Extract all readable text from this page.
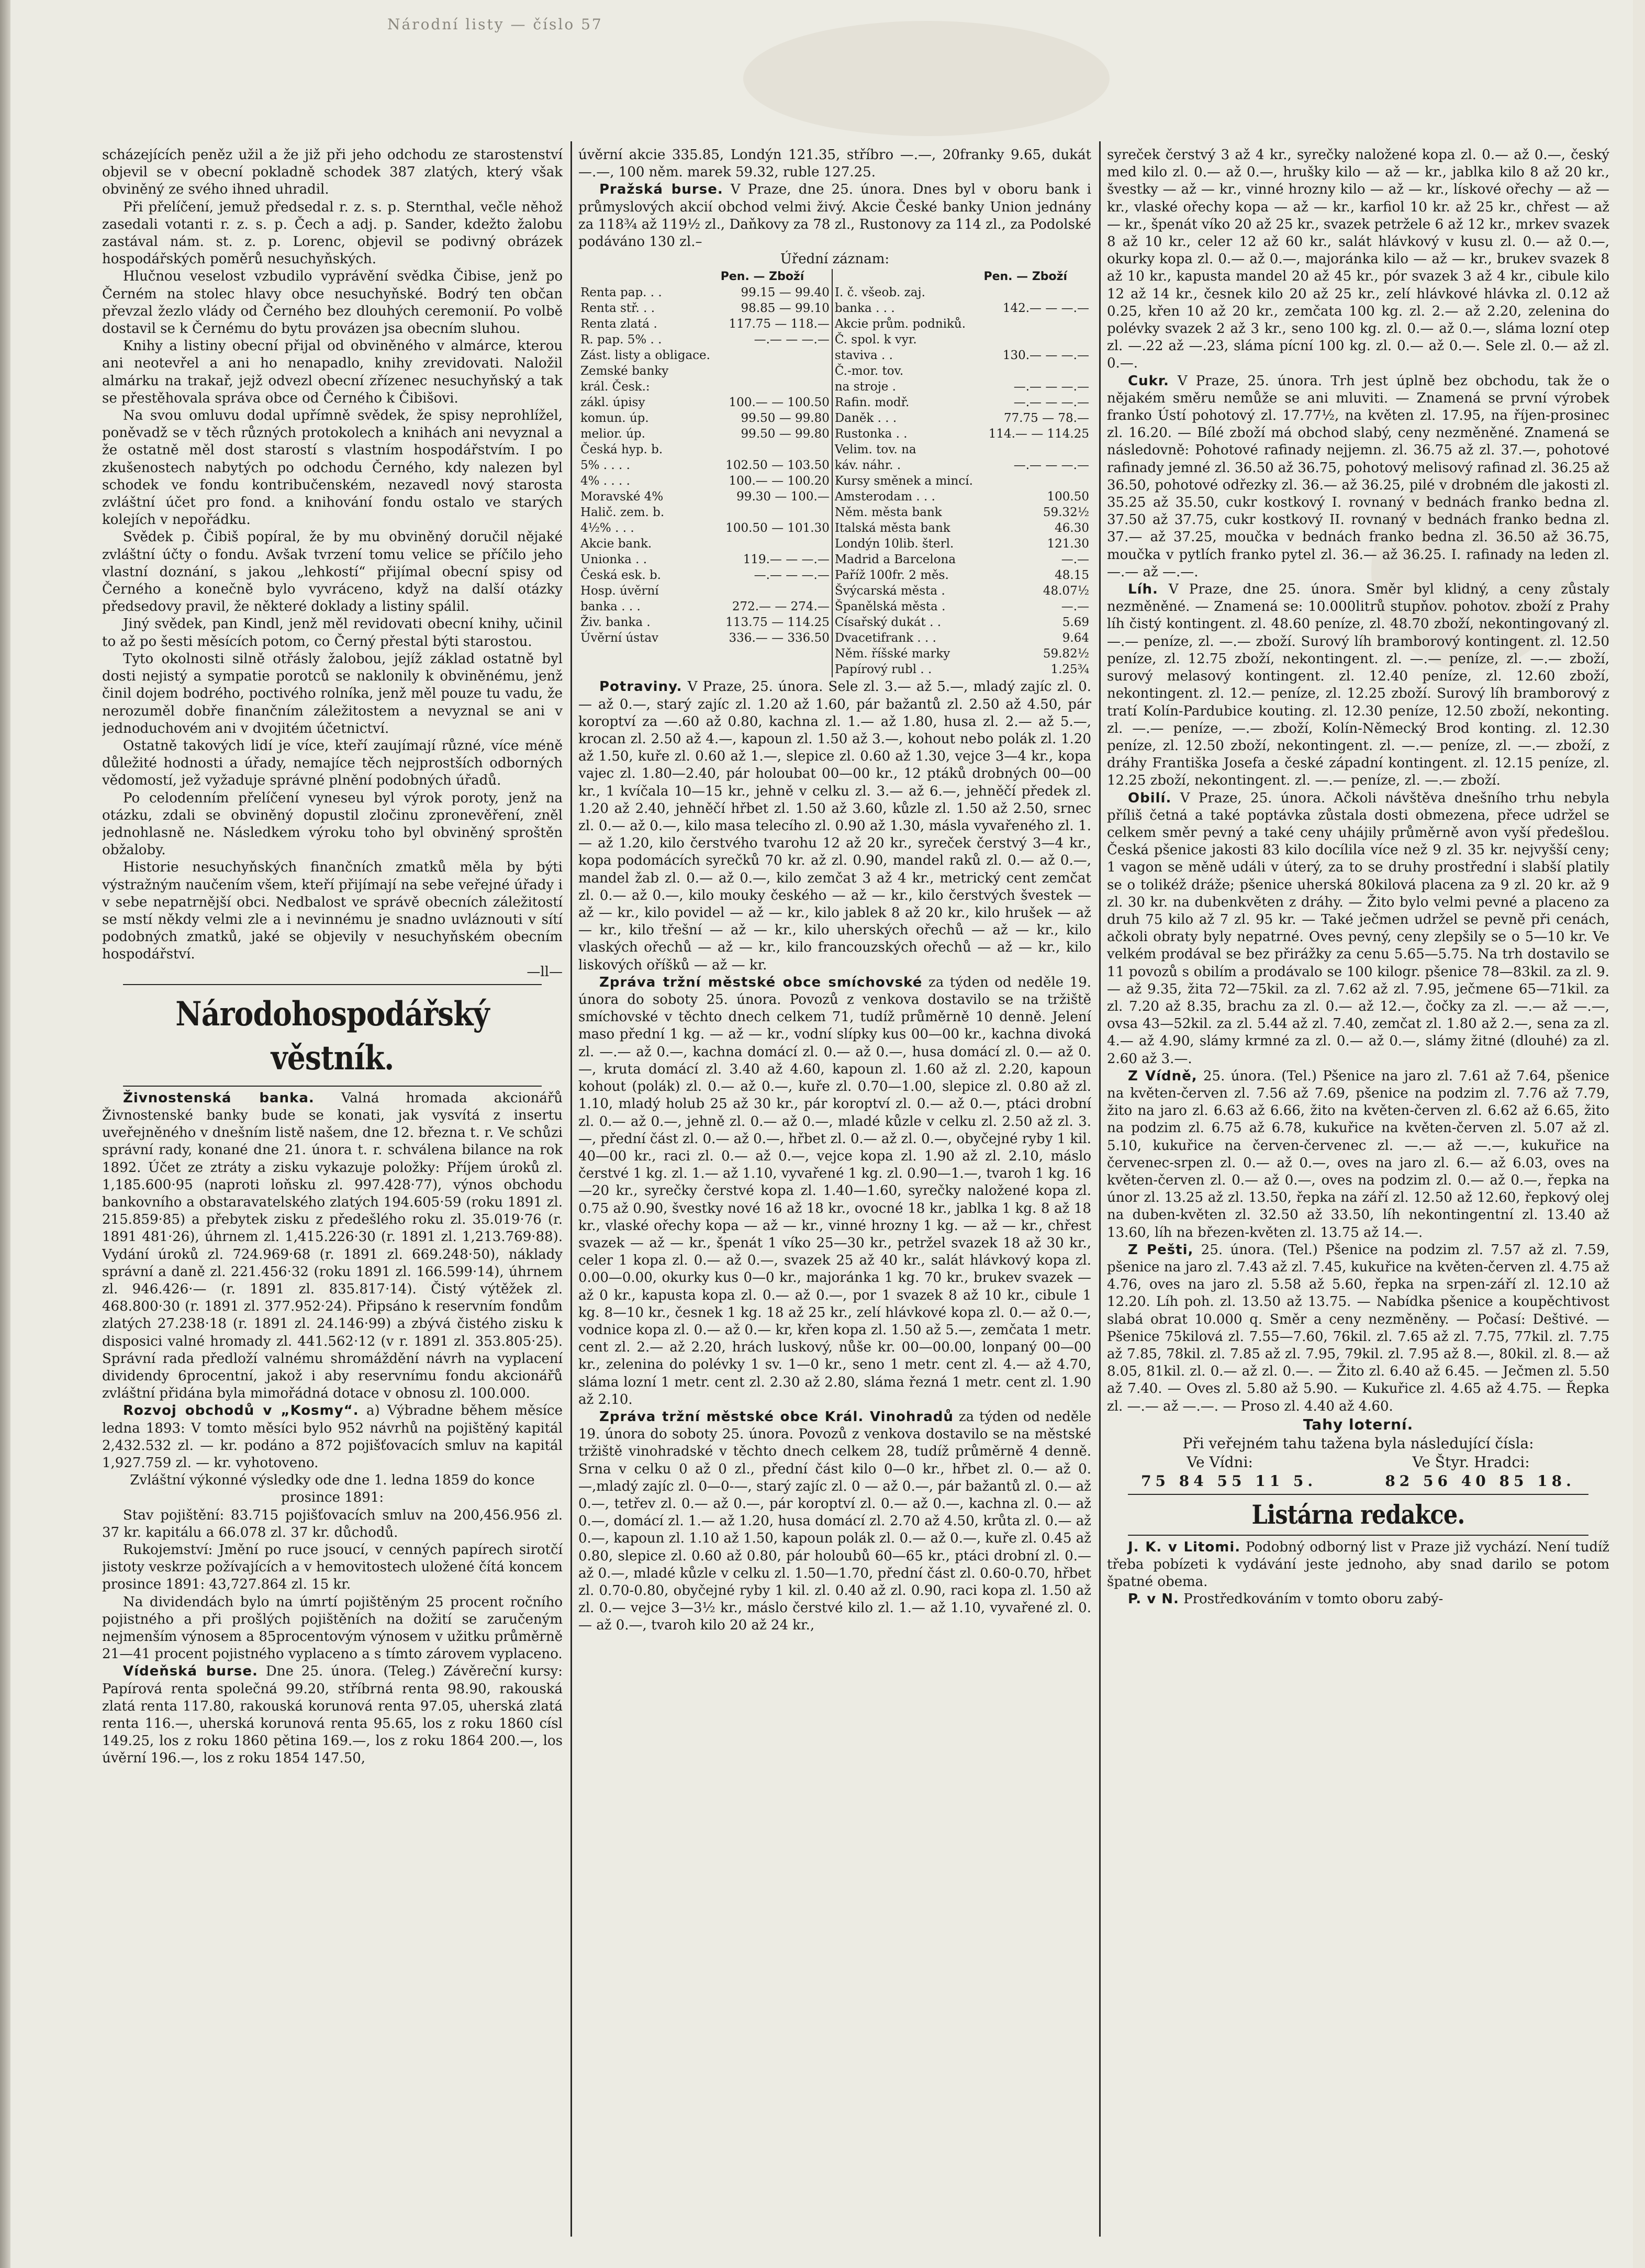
Národní listy — číslo 57

scházejících peněz užil a že již při jeho odchodu ze starostenství objevil se v obecní pokladně schodek 387 zlatých, který však obviněný ze svého ihned uhradil.

Při přelíčení, jemuž předsedal r. z. s. p. Sternthal, večle něhož zasedali votanti r. z. s. p. Čech a adj. p. Sander, kdežto žalobu zastával nám. st. z. p. Lorenc, objevil se podivný obrázek hospodářských poměrů nesuchyňských.

Hlučnou veselost vzbudilo vyprávění svědka Čibise, jenž po Černém na stolec hlavy obce nesuchyňské. Bodrý ten občan převzal žezlo vlády od Černého bez dlouhých ceremonií. Po volbě dostavil se k Černému do bytu provázen jsa obecním sluhou.

Knihy a listiny obecní přijal od obviněného v almárce, kterou ani neotevřel a ani ho nenapadlo, knihy zrevidovati. Naložil almárku na trakař, jejž odvezl obecní zřízenec nesuchyňský a tak se přestěhovala správa obce od Černého k Čibišovi.

Na svou omluvu dodal upřímně svědek, že spisy neprohlížel, poněvadž se v těch různých protokolech a knihách ani nevyznal a že ostatně měl dost starostí s vlastním hospodářstvím. I po zkušenostech nabytých po odchodu Černého, kdy nalezen byl schodek ve fondu kontribučenském, nezavedl nový starosta zvláštní účet pro fond. a knihování fondu ostalo ve starých kolejích v nepořádku.

Svědek p. Čibiš popíral, že by mu obviněný doručil nějaké zvláštní účty o fondu. Avšak tvrzení tomu velice se příčilo jeho vlastní doznání, s jakou „lehkostí“ přijímal obecní spisy od Černého a konečně bylo vyvráceno, když na další otázky předsedovy pravil, že některé doklady a listiny spálil.

Jiný svědek, pan Kindl, jenž měl revidovati obecní knihy, učinil to až po šesti měsících potom, co Černý přestal býti starostou.

Tyto okolnosti silně otřásly žalobou, jejíž základ ostatně byl dosti nejistý a sympatie porotců se naklonily k obviněnému, jenž činil dojem bodrého, poctivého rolníka, jenž měl pouze tu vadu, že nerozuměl dobře finančním záležitostem a nevyznal se ani v jednoduchovém ani v dvojitém účetnictví.

Ostatně takových lidí je více, kteří zaujímají různé, více méně důležité hodnosti a úřady, nemajíce těch nejprostších odborných vědomostí, jež vyžaduje správné plnění podobných úřadů.

Po celodenním přelíčení vyneseu byl výrok poroty, jenž na otázku, zdali se obviněný dopustil zločinu zpronevěření, zněl jednohlasně ne. Následkem výroku toho byl obviněný sproštěn obžaloby.

Historie nesuchyňských finančních zmatků měla by býti výstražným naučením všem, kteří přijímají na sebe veřejné úřady i v sebe nepatrnější obci. Nedbalost ve správě obecních záležitostí se mstí někdy velmi zle a i nevinnému je snadno uvláznouti v sítí podobných zmatků, jaké se objevily v nesuchyňském obecním hospodářství.

—ll—

Národohospodářský věstník.

Živnostenská banka. Valná hromada akcionářů Živnostenské banky bude se konati, jak vysvítá z insertu uveřejněného v dnešním listě našem, dne 12. března t. r. Ve schůzi správní rady, konané dne 21. února t. r. schválena bilance na rok 1892. Účet ze ztráty a zisku vykazuje položky: Příjem úroků zl. 1,185.600·95 (naproti loňsku zl. 997.428·77), výnos obchodu bankovního a obstaravatelského zlatých 194.605·59 (roku 1891 zl. 215.859·85) a přebytek zisku z předešlého roku zl. 35.019·76 (r. 1891 481·26), úhrnem zl. 1,415.226·30 (r. 1891 zl. 1,213.769·88). Vydání úroků zl. 724.969·68 (r. 1891 zl. 669.248·50), náklady správní a daně zl. 221.456·32 (roku 1891 zl. 166.599·14), úhrnem zl. 946.426·— (r. 1891 zl. 835.817·14). Čistý výtěžek zl. 468.800·30 (r. 1891 zl. 377.952·24). Připsáno k reservním fondům zlatých 27.238·18 (r. 1891 zl. 24.146·99) a zbývá čistého zisku k disposici valné hromady zl. 441.562·12 (v r. 1891 zl. 353.805·25). Správní rada předloží valnému shromáždění návrh na vyplacení dividendy 6procentní, jakož i aby reservnímu fondu akcionářů zvláštní přidána byla mimořádná dotace v obnosu zl. 100.000.

Rozvoj obchodů v „Kosmy“. a) Výbradne během měsíce ledna 1893: V tomto měsíci bylo 952 návrhů na pojištěný kapitál 2,432.532 zl. — kr. podáno a 872 pojišťovacích smluv na kapitál 1,927.759 zl. — kr. vyhotoveno.

Zvláštní výkonné výsledky ode dne 1. ledna 1859 do konce prosince 1891:

Stav pojištění: 83.715 pojišťovacích smluv na 200,456.956 zl. 37 kr. kapitálu a 66.078 zl. 37 kr. důchodů.

Rukojemství: Jmění po ruce jsoucí, v cenných papírech sirotčí jistoty veskrze požívajících a v hemovitostech uložené čítá koncem prosince 1891: 43,727.864 zl. 15 kr.

Na dividendách bylo na úmrtí pojištěným 25 procent ročního pojistného a při prošlých pojištěních na dožití se zaručeným nejmenším výnosem a 85procentovým výnosem v užitku průměrně 21—41 procent pojistného vyplaceno a s tímto zárovem vyplaceno.

Vídeňská burse. Dne 25. února. (Teleg.) Závěreční kursy: Papírová renta společná 99.20, stříbrná renta 98.90, rakouská zlatá renta 117.80, rakouská korunová renta 97.05, uherská zlatá renta 116.—, uherská korunová renta 95.65, los z roku 1860 císl 149.25, los z roku 1860 pětina 169.—, los z roku 1864 200.—, los úvěrní 196.—, los z roku 1854 147.50,

úvěrní akcie 335.85, Londýn 121.35, stříbro —.—, 20franky 9.65, dukát —.—, 100 něm. marek 59.32, ruble 127.25.

Pražská burse. V Praze, dne 25. února. Dnes byl v oboru bank i průmyslových akcií obchod velmi živý. Akcie České banky Union jednány za 118¾ až 119½ zl., Daňkovy za 78 zl., Rustonovy za 114 zl., za Podolské podáváno 130 zl.–

Úřední záznam:

	Pen. — Zboží		Pen. — Zboží
Renta pap. . .	99.15 — 99.40	I. č. všeob. zaj.	
Renta stř. . .	98.85 — 99.10	banka . . .	142.— — —.—
Renta zlatá .	117.75 — 118.—	Akcie prům. podniků.	
R. pap. 5% . .	—.— — —.—	Č. spol. k vyr.	
Zást. listy a obligace.		staviva . .	130.— — —.—
Zemské banky		Č.-mor. tov.	
král. Česk.:		na stroje .	—.— — —.—
zákl. úpisy	100.— — 100.50	Rafin. modř.	—.— — —.—
komun. úp.	99.50 — 99.80	Daněk . . .	77.75 — 78.—
melior. úp.	99.50 — 99.80	Rustonka . .	114.— — 114.25
Česká hyp. b.		Velim. tov. na	
5% . . . .	102.50 — 103.50	káv. náhr. .	—.— — —.—
4% . . . .	100.— — 100.20	Kursy směnek a mincí.	
Moravské 4%	99.30 — 100.—	Amsterodam . . .	100.50
Halič. zem. b.		Něm. města bank	59.32½
4½% . . .	100.50 — 101.30	Italská města bank	46.30
Akcie bank.		Londýn 10lib. šterl.	121.30
Unionka . .	119.— — —.—	Madrid a Barcelona	—.—
Česká esk. b.	—.— — —.—	Paříž 100fr. 2 měs.	48.15
Hosp. úvěrní		Švýcarská města .	48.07½
banka . . .	272.— — 274.—	Španělská města .	—.—
Živ. banka .	113.75 — 114.25	Císařský dukát . .	5.69
Úvěrní ústav	336.— — 336.50	Dvacetifrank . . .	9.64
		Něm. říšské marky	59.82½
		Papírový rubl . .	1.25¾

Potraviny. V Praze, 25. února. Sele zl. 3.— až 5.—, mladý zajíc zl. 0.— až 0.—, starý zajíc zl. 1.20 až 1.60, pár bažantů zl. 2.50 až 4.50, pár koroptví za —.60 až 0.80, kachna zl. 1.— až 1.80, husa zl. 2.— až 5.—, krocan zl. 2.50 až 4.—, kapoun zl. 1.50 až 3.—, kohout nebo polák zl. 1.20 až 1.50, kuře zl. 0.60 až 1.—, slepice zl. 0.60 až 1.30, vejce 3—4 kr., kopa vajec zl. 1.80—2.40, pár holoubat 00—00 kr., 12 ptáků drobných 00—00 kr., 1 kvíčala 10—15 kr., jehně v celku zl. 3.— až 6.—, jehněčí předek zl. 1.20 až 2.40, jehněčí hřbet zl. 1.50 až 3.60, kůzle zl. 1.50 až 2.50, srnec zl. 0.— až 0.—, kilo masa telecího zl. 0.90 až 1.30, másla vyvařeného zl. 1.— až 1.20, kilo čerstvého tvarohu 12 až 20 kr., syreček čerstvý 3—4 kr., kopa podomácích syrečků 70 kr. až zl. 0.90, mandel raků zl. 0.— až 0.—, mandel žab zl. 0.— až 0.—, kilo zemčat 3 až 4 kr., metrický cent zemčat zl. 0.— až 0.—, kilo mouky českého — až — kr., kilo čerstvých švestek — až — kr., kilo povidel — až — kr., kilo jablek 8 až 20 kr., kilo hrušek — až — kr., kilo třešní — až — kr., kilo uherských ořechů — až — kr., kilo vlaských ořechů — až — kr., kilo francouzských ořechů — až — kr., kilo liskových oříšků — až — kr.

Zpráva tržní městské obce smíchovské za týden od neděle 19. února do soboty 25. února. Povozů z venkova dostavilo se na tržiště smíchovské v těchto dnech celkem 71, tudíž průměrně 10 denně. Jelení maso přední 1 kg. — až — kr., vodní slípky kus 00—00 kr., kachna divoká zl. —.— až 0.—, kachna domácí zl. 0.— až 0.—, husa domácí zl. 0.— až 0.—, kruta domácí zl. 3.40 až 4.60, kapoun zl. 1.60 až zl. 2.20, kapoun kohout (polák) zl. 0.— až 0.—, kuře zl. 0.70—1.00, slepice zl. 0.80 až zl. 1.10, mladý holub 25 až 30 kr., pár koroptví zl. 0.— až 0.—, ptáci drobní zl. 0.— až 0.—, jehně zl. 0.— až 0.—, mladé kůzle v celku zl. 2.50 až zl. 3.—, přední část zl. 0.— až 0.—, hřbet zl. 0.— až zl. 0.—, obyčejné ryby 1 kil. 40—00 kr., raci zl. 0.— až 0.—, vejce kopa zl. 1.90 až zl. 2.10, máslo čerstvé 1 kg. zl. 1.— až 1.10, vyvařené 1 kg. zl. 0.90—1.—, tvaroh 1 kg. 16—20 kr., syrečky čerstvé kopa zl. 1.40—1.60, syrečky naložené kopa zl. 0.75 až 0.90, švestky nové 16 až 18 kr., ovocné 18 kr., jablka 1 kg. 8 až 18 kr., vlaské ořechy kopa — až — kr., vinné hrozny 1 kg. — až — kr., chřest svazek — až — kr., špenát 1 víko 25—30 kr., petržel svazek 18 až 30 kr., celer 1 kopa zl. 0.— až 0.—, svazek 25 až 40 kr., salát hlávkový kopa zl. 0.00—0.00, okurky kus 0—0 kr., majoránka 1 kg. 70 kr., brukev svazek — až 0 kr., kapusta kopa zl. 0.— až 0.—, por 1 svazek 8 až 10 kr., cibule 1 kg. 8—10 kr., česnek 1 kg. 18 až 25 kr., zelí hlávkové kopa zl. 0.— až 0.—, vodnice kopa zl. 0.— až 0.— kr, křen kopa zl. 1.50 až 5.—, zemčata 1 metr. cent zl. 2.— až 2.20, hrách luskový, nůše kr. 00—00.00, lonpaný 00—00 kr., zelenina do polévky 1 sv. 1—0 kr., seno 1 metr. cent zl. 4.— až 4.70, sláma lozní 1 metr. cent zl. 2.30 až 2.80, sláma řezná 1 metr. cent zl. 1.90 až 2.10.

Zpráva tržní městské obce Král. Vinohradů za týden od neděle 19. února do soboty 25. února. Povozů z venkova dostavilo se na městské tržiště vinohradské v těchto dnech celkem 28, tudíž průměrně 4 denně. Srna v celku 0 až 0 zl., přední část kilo 0—0 kr., hřbet zl. 0.— až 0.—,mladý zajíc zl. 0—0-—, starý zajíc zl. 0 — až 0.—, pár bažantů zl. 0.— až 0.—, tetřev zl. 0.— až 0.—, pár koroptví zl. 0.— až 0.—, kachna zl. 0.— až 0.—, domácí zl. 1.— až 1.20, husa domácí zl. 2.70 až 4.50, krůta zl. 0.— až 0.—, kapoun zl. 1.10 až 1.50, kapoun polák zl. 0.— až 0.—, kuře zl. 0.45 až 0.80, slepice zl. 0.60 až 0.80, pár holoubů 60—65 kr., ptáci drobní zl. 0.— až 0.—, mladé kůzle v celku zl. 1.50—1.70, přední část zl. 0.60-0.70, hřbet zl. 0.70-0.80, obyčejné ryby 1 kil. zl. 0.40 až zl. 0.90, raci kopa zl. 1.50 až zl. 0.— vejce 3—3½ kr., máslo čerstvé kilo zl. 1.— až 1.10, vyvařené zl. 0.— až 0.—, tvaroh kilo 20 až 24 kr.,

syreček čerstvý 3 až 4 kr., syrečky naložené kopa zl. 0.— až 0.—, český med kilo zl. 0.— až 0.—, hrušky kilo — až — kr., jablka kilo 8 až 20 kr., švestky — až — kr., vinné hrozny kilo — až — kr., lískové ořechy — až — kr., vlaské ořechy kopa — až — kr., karfiol 10 kr. až 25 kr., chřest — až — kr., špenát víko 20 až 25 kr., svazek petržele 6 až 12 kr., mrkev svazek 8 až 10 kr., celer 12 až 60 kr., salát hlávkový v kusu zl. 0.— až 0.—, okurky kopa zl. 0.— až 0.—, majoránka kilo — až — kr., brukev svazek 8 až 10 kr., kapusta mandel 20 až 45 kr., pór svazek 3 až 4 kr., cibule kilo 12 až 14 kr., česnek kilo 20 až 25 kr., zelí hlávkové hlávka zl. 0.12 až 0.25, křen 10 až 20 kr., zemčata 100 kg. zl. 2.— až 2.20, zelenina do polévky svazek 2 až 3 kr., seno 100 kg. zl. 0.— až 0.—, sláma lozní otep zl. —.22 až —.23, sláma pícní 100 kg. zl. 0.— až 0.—. Sele zl. 0.— až zl. 0.—.

Cukr. V Praze, 25. února. Trh jest úplně bez obchodu, tak že o nějakém směru nemůže se ani mluviti. — Znamená se první výrobek franko Ústí pohotový zl. 17.77½, na květen zl. 17.95, na říjen-prosinec zl. 16.20. — Bílé zboží má obchod slabý, ceny nezměněné. Znamená se následovně: Pohotové rafinady nejjemn. zl. 36.75 až zl. 37.—, pohotové rafinady jemné zl. 36.50 až 36.75, pohotový melisový rafinad zl. 36.25 až 36.50, pohotové odřezky zl. 36.— až 36.25, pilé v drobném dle jakosti zl. 35.25 až 35.50, cukr kostkový I. rovnaný v bednách franko bedna zl. 37.50 až 37.75, cukr kostkový II. rovnaný v bednách franko bedna zl. 37.— až 37.25, moučka v bednách franko bedna zl. 36.50 až 36.75, moučka v pytlích franko pytel zl. 36.— až 36.25. I. rafinady na leden zl. —.— až —.—.

Líh. V Praze, dne 25. února. Směr byl klidný, a ceny zůstaly nezměněné. — Znamená se: 10.000litrů stupňov. pohotov. zboží z Prahy líh čistý kontingent. zl. 48.60 peníze, zl. 48.70 zboží, nekontingovaný zl. —.— peníze, zl. —.— zboží. Surový líh bramborový kontingent. zl. 12.50 peníze, zl. 12.75 zboží, nekontingent. zl. —.— peníze, zl. —.— zboží, surový melasový kontingent. zl. 12.40 peníze, zl. 12.60 zboží, nekontingent. zl. 12.— peníze, zl. 12.25 zboží. Surový líh bramborový z tratí Kolín-Pardubice kouting. zl. 12.30 peníze, 12.50 zboží, nekonting. zl. —.— peníze, —.— zboží, Kolín-Německý Brod konting. zl. 12.30 peníze, zl. 12.50 zboží, nekontingent. zl. —.— peníze, zl. —.— zboží, z dráhy Františka Josefa a české západní kontingent. zl. 12.15 peníze, zl. 12.25 zboží, nekontingent. zl. —.— peníze, zl. —.— zboží.

Obilí. V Praze, 25. února. Ačkoli návštěva dnešního trhu nebyla příliš četná a také poptávka zůstala dosti obmezena, přece udržel se celkem směr pevný a také ceny uhájily průměrně avon vyší předešlou. Česká pšenice jakosti 83 kilo docílila více než 9 zl. 35 kr. nejvyšší ceny; 1 vagon se měně událi v úterý, za to se druhy prostřední i slabší platily se o tolikéž dráže; pšenice uherská 80kilová placena za 9 zl. 20 kr. až 9 zl. 30 kr. na dubenkvěten z dráhy. — Žito bylo velmi pevné a placeno za druh 75 kilo až 7 zl. 95 kr. — Také ječmen udržel se pevně při cenách, ačkoli obraty byly nepatrné. Oves pevný, ceny zlepšily se o 5—10 kr. Ve velkém prodával se bez přirážky za cenu 5.65—5.75. Na trh dostavilo se 11 povozů s obilím a prodávalo se 100 kilogr. pšenice 78—83kil. za zl. 9.— až 9.35, žita 72—75kil. za zl. 7.62 až zl. 7.95, ječmene 65—71kil. za zl. 7.20 až 8.35, brachu za zl. 0.— až 12.—, čočky za zl. —.— až —.—, ovsa 43—52kil. za zl. 5.44 až zl. 7.40, zemčat zl. 1.80 až 2.—, sena za zl. 4.— až 4.90, slámy krmné za zl. 0.— až 0.—, slámy žitné (dlouhé) za zl. 2.60 až 3.—.

Z Vídně, 25. února. (Tel.) Pšenice na jaro zl. 7.61 až 7.64, pšenice na květen-červen zl. 7.56 až 7.69, pšenice na podzim zl. 7.76 až 7.79, žito na jaro zl. 6.63 až 6.66, žito na květen-červen zl. 6.62 až 6.65, žito na podzim zl. 6.75 až 6.78, kukuřice na květen-červen zl. 5.07 až zl. 5.10, kukuřice na červen-červenec zl. —.— až —.—, kukuřice na červenec-srpen zl. 0.— až 0.—, oves na jaro zl. 6.— až 6.03, oves na květen-červen zl. 0.— až 0.—, oves na podzim zl. 0.— až 0.—, řepka na únor zl. 13.25 až zl. 13.50, řepka na září zl. 12.50 až 12.60, řepkový olej na duben-květen zl. 32.50 až 33.50, líh nekontingentní zl. 13.40 až 13.60, líh na březen-květen zl. 13.75 až 14.—.

Z Pešti, 25. února. (Tel.) Pšenice na podzim zl. 7.57 až zl. 7.59, pšenice na jaro zl. 7.43 až zl. 7.45, kukuřice na květen-červen zl. 4.75 až 4.76, oves na jaro zl. 5.58 až 5.60, řepka na srpen-září zl. 12.10 až 12.20. Líh poh. zl. 13.50 až 13.75. — Nabídka pšenice a koupěchtivost slabá obrat 10.000 q. Směr a ceny nezměněny. — Počasí: Deštivé. — Pšenice 75kilová zl. 7.55—7.60, 76kil. zl. 7.65 až zl. 7.75, 77kil. zl. 7.75 až 7.85, 78kil. zl. 7.85 až zl. 7.95, 79kil. zl. 7.95 až 8.—, 80kil. zl. 8.— až 8.05, 81kil. zl. 0.— až zl. 0.—. — Žito zl. 6.40 až 6.45. — Ječmen zl. 5.50 až 7.40. — Oves zl. 5.80 až 5.90. — Kukuřice zl. 4.65 až 4.75. — Řepka zl. —.— až —.—. — Proso zl. 4.40 až 4.60.

Tahy loterní.
Při veřejném tahu tažena byla následující čísla:
Ve Vídni:	Ve Štyr. Hradci:
75 84 55 11 5.	82 56 40 85 18.
Listárna redakce.

J. K. v Litomi. Podobný odborný list v Praze již vychází. Není tudíž třeba pobízeti k vydávání jeste jednoho, aby snad darilo se potom špatné obema.

P. v N. Prostředkováním v tomto oboru zabý-
